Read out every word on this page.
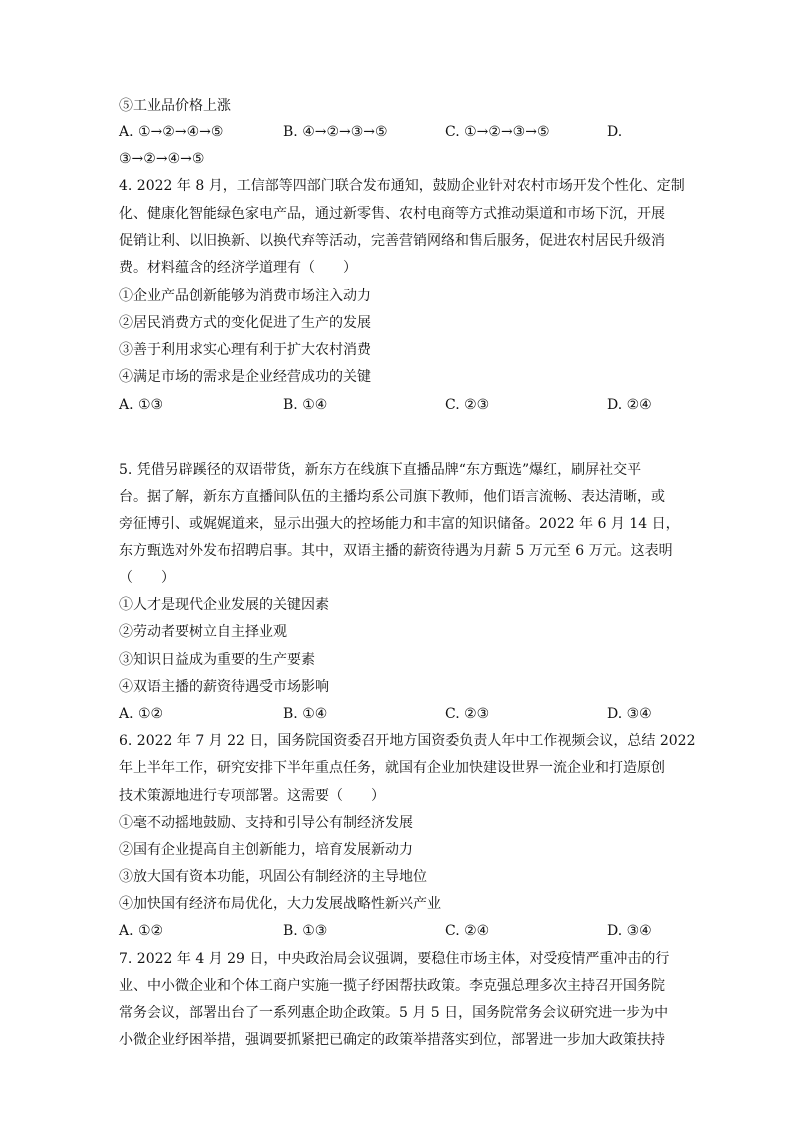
⑤工业品价格上涨
A. ①→②→④→⑤	B. ④→②→③→⑤	C. ①→②→③→⑤	D.
③→②→④→⑤
4. 2022 年 8 月，工信部等四部门联合发布通知，鼓励企业针对农村市场开发个性化、定制
化、健康化智能绿色家电产品，通过新零售、农村电商等方式推动渠道和市场下沉，开展
促销让利、以旧换新、以换代弃等活动，完善营销网络和售后服务，促进农村居民升级消
费。材料蕴含的经济学道理有（　　）
①企业产品创新能够为消费市场注入动力
②居民消费方式的变化促进了生产的发展
③善于利用求实心理有利于扩大农村消费
④满足市场的需求是企业经营成功的关键
A. ①③	B. ①④	C. ②③	D. ②④
5. 凭借另辟蹊径的双语带货，新东方在线旗下直播品牌“东方甄选”爆红，刷屏社交平
台。据了解，新东方直播间队伍的主播均系公司旗下教师，他们语言流畅、表达清晰，或
旁征博引、或娓娓道来，显示出强大的控场能力和丰富的知识储备。2022 年 6 月 14 日，
东方甄选对外发布招聘启事。其中，双语主播的薪资待遇为月薪 5 万元至 6 万元。这表明
（　　）
①人才是现代企业发展的关键因素
②劳动者要树立自主择业观
③知识日益成为重要的生产要素
④双语主播的薪资待遇受市场影响
A. ①②	B. ①④	C. ②③	D. ③④
6. 2022 年 7 月 22 日，国务院国资委召开地方国资委负责人年中工作视频会议，总结 2022
年上半年工作，研究安排下半年重点任务，就国有企业加快建设世界一流企业和打造原创
技术策源地进行专项部署。这需要（　　）
①毫不动摇地鼓励、支持和引导公有制经济发展
②国有企业提高自主创新能力，培育发展新动力
③放大国有资本功能，巩固公有制经济的主导地位
④加快国有经济布局优化，大力发展战略性新兴产业
A. ①②	B. ①③	C. ②④	D. ③④
7. 2022 年 4 月 29 日，中央政治局会议强调，要稳住市场主体，对受疫情严重冲击的行
业、中小微企业和个体工商户实施一揽子纾困帮扶政策。李克强总理多次主持召开国务院
常务会议，部署出台了一系列惠企助企政策。5 月 5 日，国务院常务会议研究进一步为中
小微企业纾困举措，强调要抓紧把已确定的政策举措落实到位，部署进一步加大政策扶持
